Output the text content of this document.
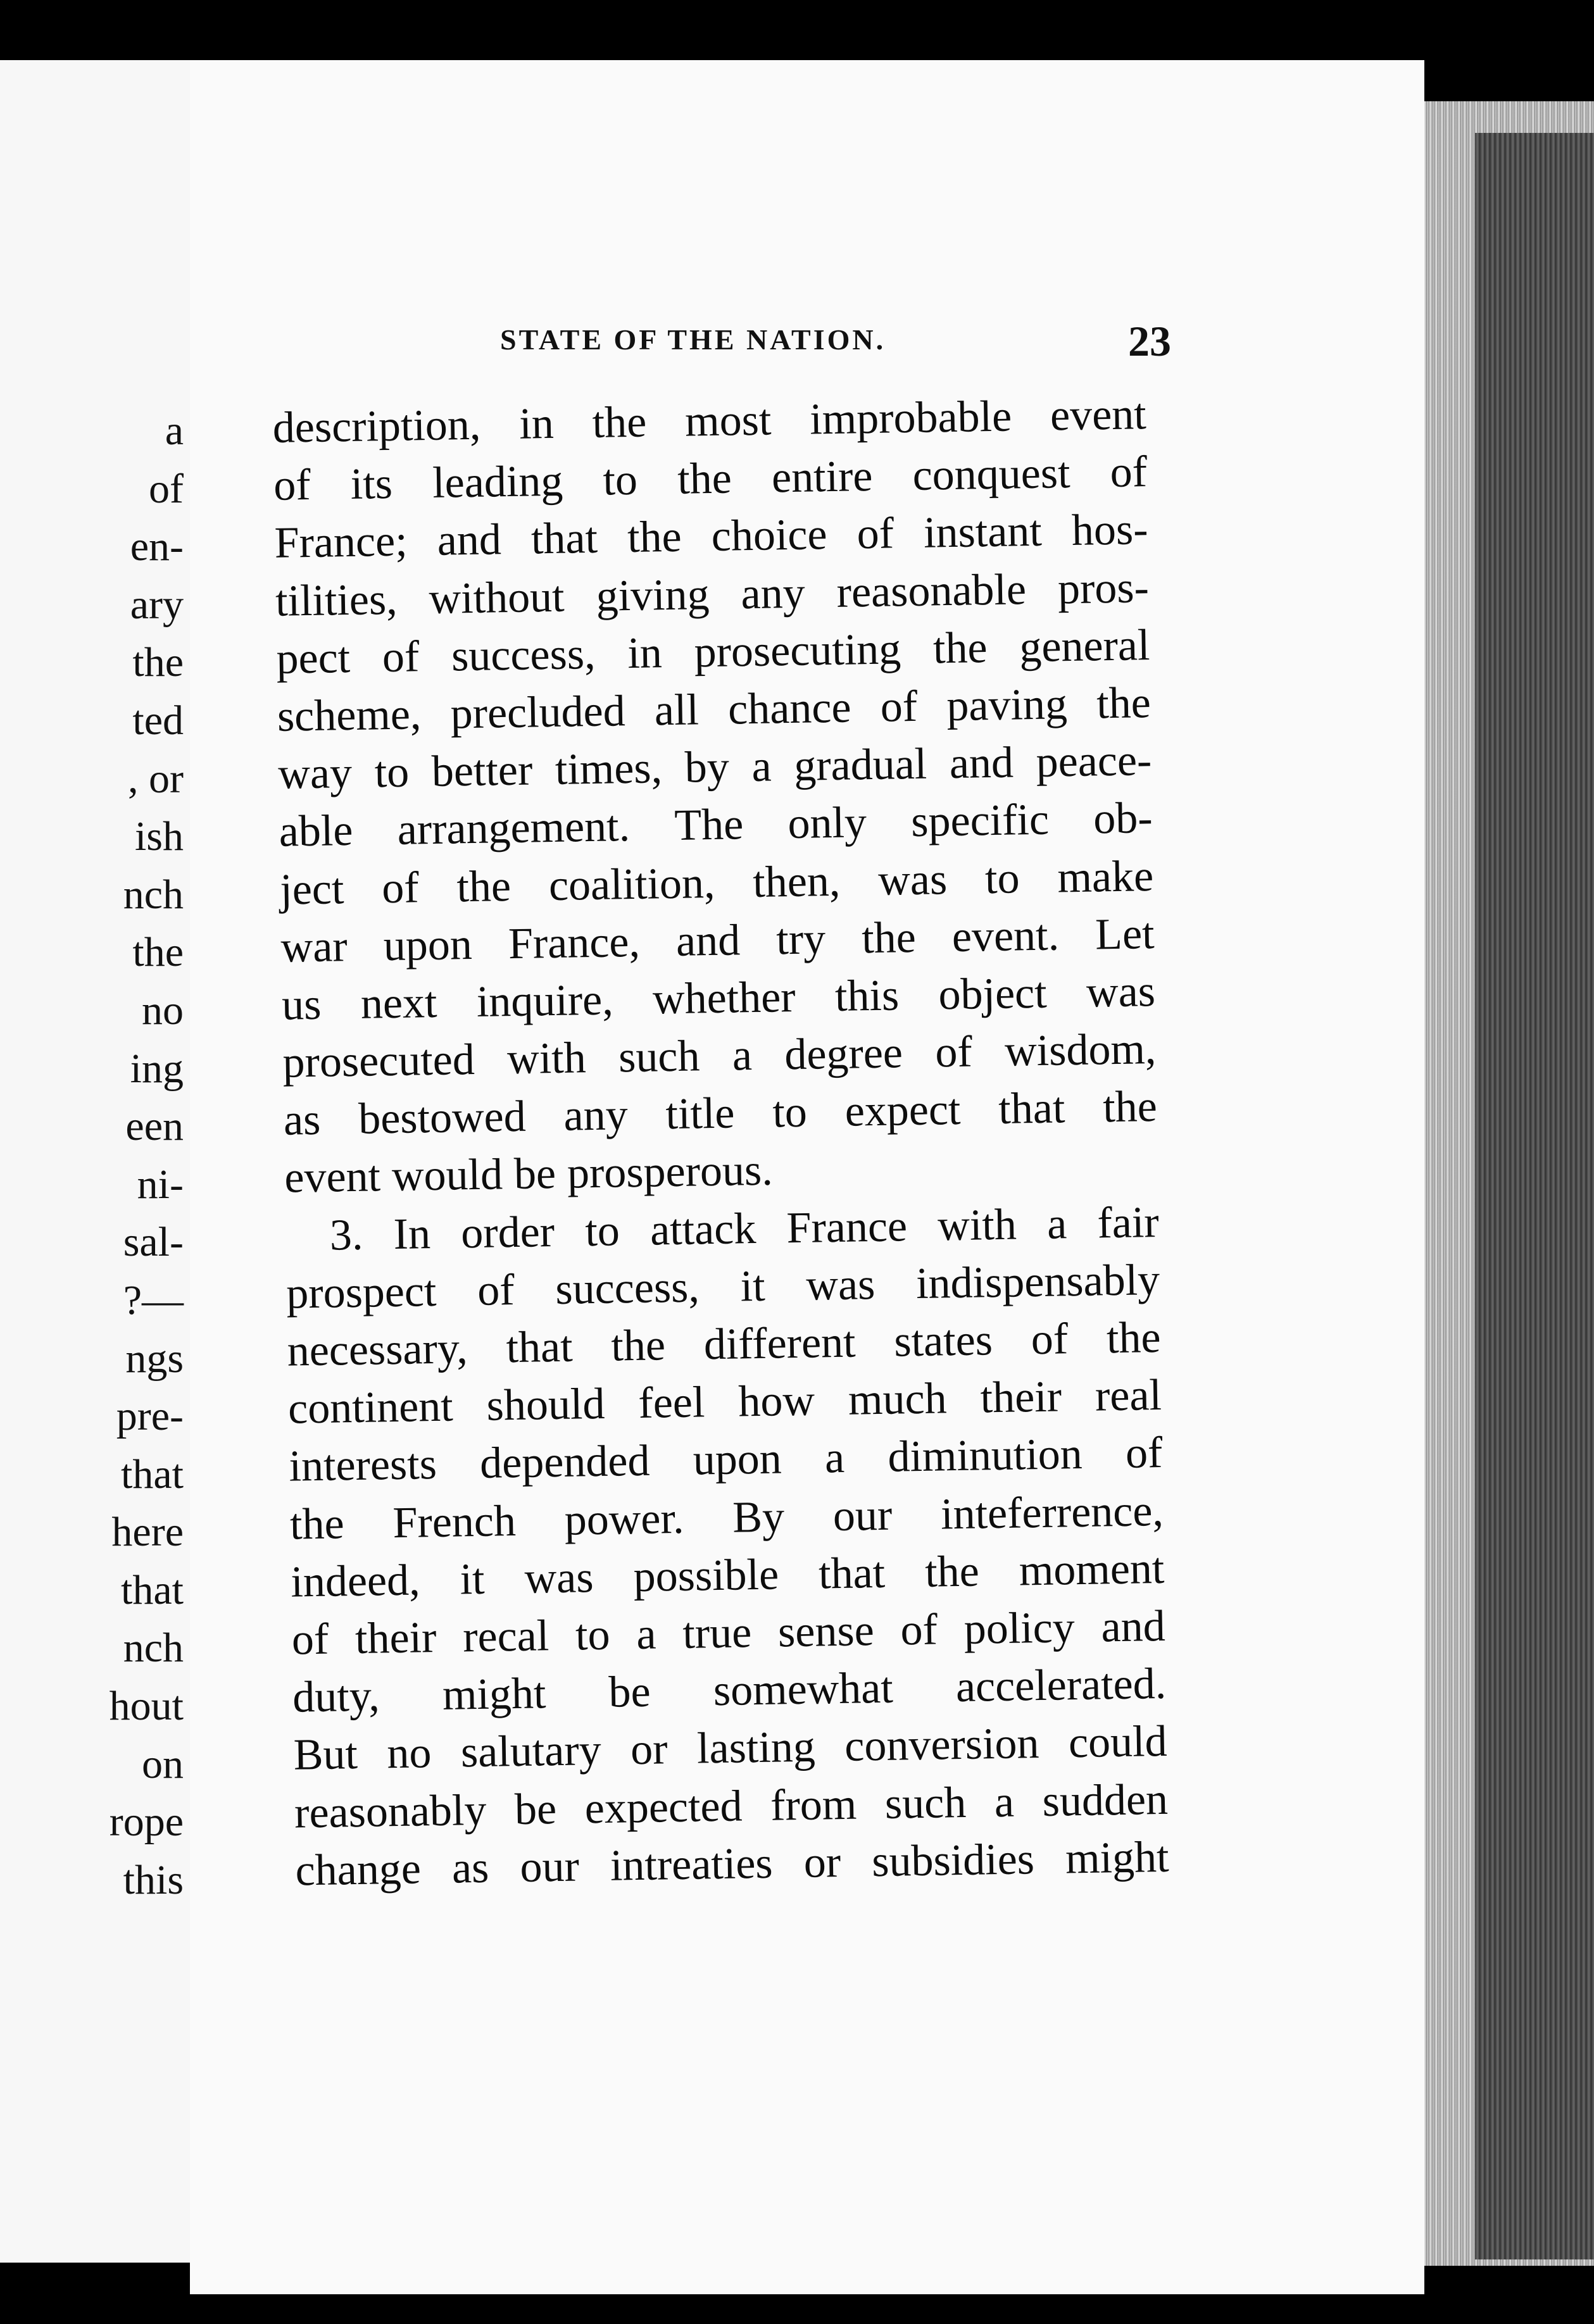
a
of
en-
ary
the
ted
, or
ish
nch
the
no
ing
een
ni-
sal-
?—
ngs
pre-
that
here
that
nch
hout
on
rope
this
STATE OF THE NATION.	23
description, in the most improbable event
of its leading to the entire conquest of
France; and that the choice of instant hos-
tilities, without giving any reasonable pros-
pect of success, in prosecuting the general
scheme, precluded all chance of paving the
way to better times, by a gradual and peace-
able arrangement. The only specific ob-
ject of the coalition, then, was to make
war upon France, and try the event. Let
us next inquire, whether this object was
prosecuted with such a degree of wisdom,
as bestowed any title to expect that the
event would be prosperous.
3. In order to attack France with a fair
prospect of success, it was indispensably
necessary, that the different states of the
continent should feel how much their real
interests depended upon a diminution of
the French power. By our inteferrence,
indeed, it was possible that the moment
of their recal to a true sense of policy and
duty, might be somewhat accelerated.
But no salutary or lasting conversion could
reasonably be expected from such a sudden
change as our intreaties or subsidies might
